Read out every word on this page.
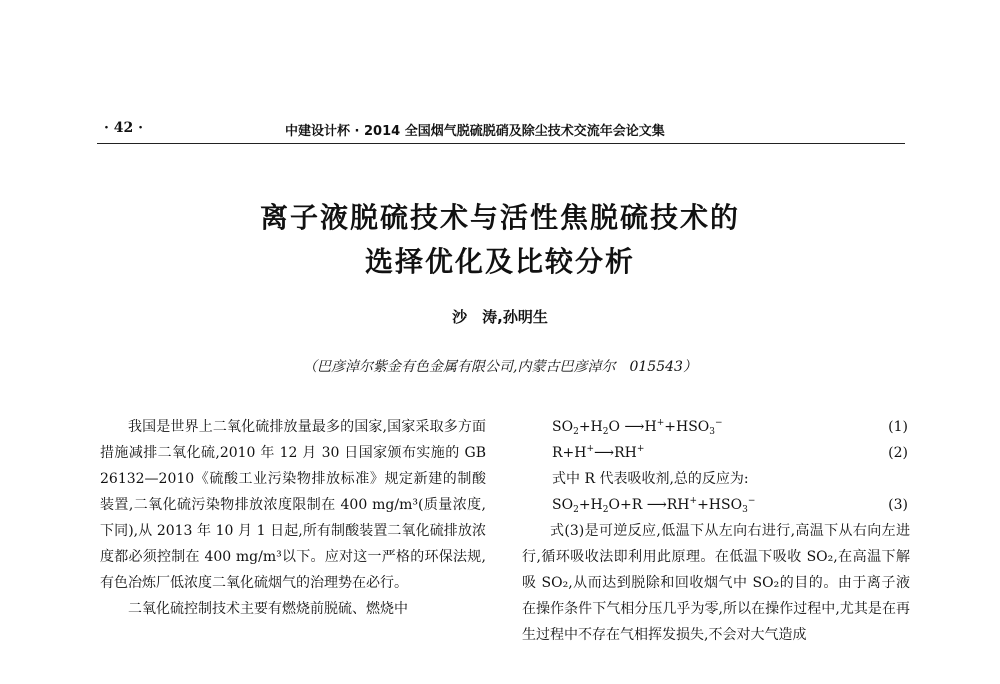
· 42 ·	中建设计杯 · 2014 全国烟气脱硫脱硝及除尘技术交流年会论文集
离子液脱硫技术与活性焦脱硫技术的
选择优化及比较分析
沙　涛,孙明生
（巴彦淖尔紫金有色金属有限公司,内蒙古巴彦淖尔　015543）

我国是世界上二氧化硫排放量最多的国家,国家采取多方面措施减排二氧化硫,2010 年 12 月 30 日国家颁布实施的 GB 26132—2010《硫酸工业污染物排放标准》规定新建的制酸装置,二氧化硫污染物排放浓度限制在 400 mg/m³(质量浓度,下同),从 2013 年 10 月 1 日起,所有制酸装置二氧化硫排放浓度都必须控制在 400 mg/m³以下。应对这一严格的环保法规,有色冶炼厂低浓度二氧化硫烟气的治理势在必行。

二氧化硫控制技术主要有燃烧前脱硫、燃烧中

$SO_2+H_2O$ $⟶H^++HSO_3^-$	(1)
R+H+⟶RH+	(2)
式中 R 代表吸收剂,总的反应为:
$SO_2+H_2O+R$ $⟶RH^++HSO_3^-$	(3)

式(3)是可逆反应,低温下从左向右进行,高温下从右向左进行,循环吸收法即利用此原理。在低温下吸收 SO₂,在高温下解吸 SO₂,从而达到脱除和回收烟气中 SO₂的目的。由于离子液在操作条件下气相分压几乎为零,所以在操作过程中,尤其是在再生过程中不存在气相挥发损失,不会对大气造成
